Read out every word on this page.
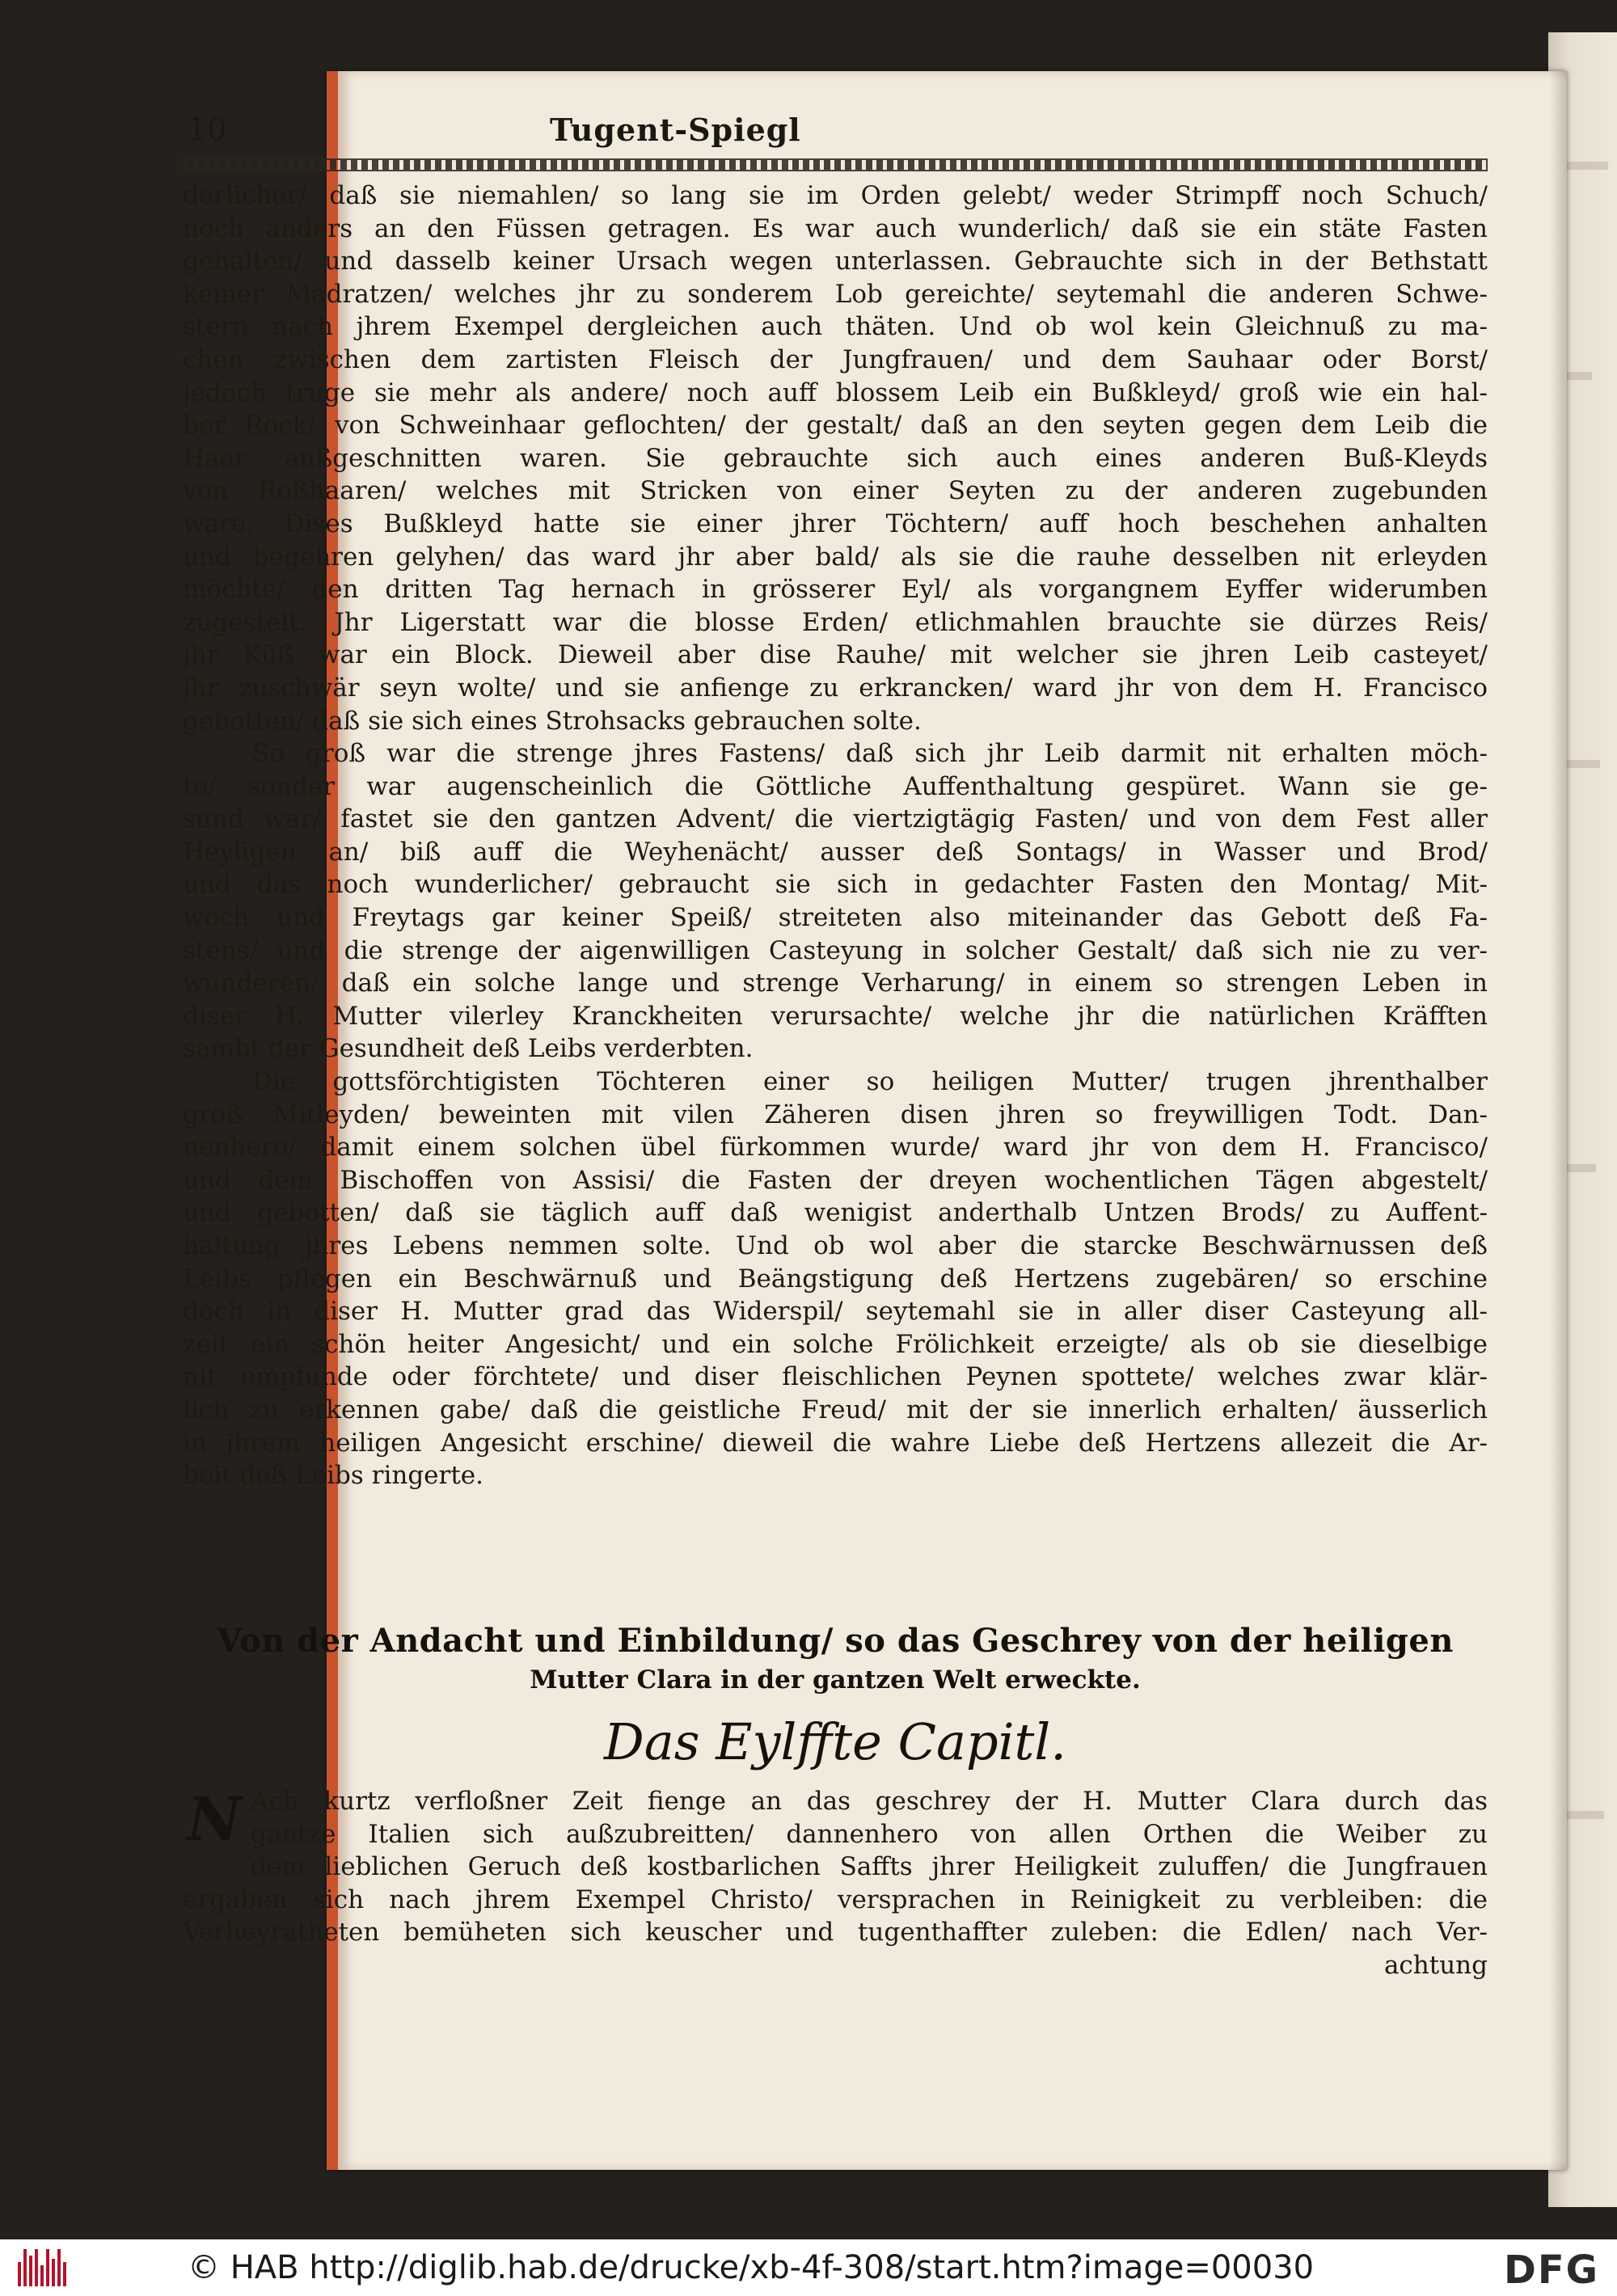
10	Tugent-Spiegl
derlicher/ daß sie niemahlen/ so lang sie im Orden gelebt/ weder Strimpff noch Schuch/
noch anders an den Füssen getragen. Es war auch wunderlich/ daß sie ein stäte Fasten
gehalten/ und dasselb keiner Ursach wegen unterlassen. Gebrauchte sich in der Bethstatt
keiner Madratzen/ welches jhr zu sonderem Lob gereichte/ seytemahl die anderen Schwe-
stern nach jhrem Exempel dergleichen auch thäten. Und ob wol kein Gleichnuß zu ma-
chen zwischen dem zartisten Fleisch der Jungfrauen/ und dem Sauhaar oder Borst/
jedoch truge sie mehr als andere/ noch auff blossem Leib ein Bußkleyd/ groß wie ein hal-
ber Rock/ von Schweinhaar geflochten/ der gestalt/ daß an den seyten gegen dem Leib die
Haar außgeschnitten waren. Sie gebrauchte sich auch eines anderen Buß-Kleyds
von Roßhaaren/ welches mit Stricken von einer Seyten zu der anderen zugebunden
ware. Dises Bußkleyd hatte sie einer jhrer Töchtern/ auff hoch beschehen anhalten
und begehren gelyhen/ das ward jhr aber bald/ als sie die rauhe desselben nit erleyden
möchte/ den dritten Tag hernach in grösserer Eyl/ als vorgangnem Eyffer widerumben
zugestelt. Jhr Ligerstatt war die blosse Erden/ etlichmahlen brauchte sie dürzes Reis/
jhr Küß war ein Block. Dieweil aber dise Rauhe/ mit welcher sie jhren Leib casteyet/
jhr zuschwär seyn wolte/ und sie anfienge zu erkrancken/ ward jhr von dem H. Francisco
gebotten/ daß sie sich eines Strohsacks gebrauchen solte.
So groß war die strenge jhres Fastens/ daß sich jhr Leib darmit nit erhalten möch-
te/ sonder war augenscheinlich die Göttliche Auffenthaltung gespüret. Wann sie ge-
sund war/ fastet sie den gantzen Advent/ die viertzigtägig Fasten/ und von dem Fest aller
Heyligen an/ biß auff die Weyhenächt/ ausser deß Sontags/ in Wasser und Brod/
und das noch wunderlicher/ gebraucht sie sich in gedachter Fasten den Montag/ Mit-
woch und Freytags gar keiner Speiß/ streiteten also miteinander das Gebott deß Fa-
stens/ und die strenge der aigenwilligen Casteyung in solcher Gestalt/ daß sich nie zu ver-
wunderen/ daß ein solche lange und strenge Verharung/ in einem so strengen Leben in
diser H. Mutter vilerley Kranckheiten verursachte/ welche jhr die natürlichen Kräfften
sambt der Gesundheit deß Leibs verderbten.
Die gottsförchtigisten Töchteren einer so heiligen Mutter/ trugen jhrenthalber
groß Mitleyden/ beweinten mit vilen Zäheren disen jhren so freywilligen Todt. Dan-
nenhero/ damit einem solchen übel fürkommen wurde/ ward jhr von dem H. Francisco/
und dem Bischoffen von Assisi/ die Fasten der dreyen wochentlichen Tägen abgestelt/
und gebotten/ daß sie täglich auff daß wenigist anderthalb Untzen Brods/ zu Auffent-
haltung jhres Lebens nemmen solte. Und ob wol aber die starcke Beschwärnussen deß
Leibs pflegen ein Beschwärnuß und Beängstigung deß Hertzens zugebären/ so erschine
doch in diser H. Mutter grad das Widerspil/ seytemahl sie in aller diser Casteyung all-
zeit ein schön heiter Angesicht/ und ein solche Frölichkeit erzeigte/ als ob sie dieselbige
nit empfunde oder förchtete/ und diser fleischlichen Peynen spottete/ welches zwar klär-
lich zu erkennen gabe/ daß die geistliche Freud/ mit der sie innerlich erhalten/ äusserlich
in jhrem heiligen Angesicht erschine/ dieweil die wahre Liebe deß Hertzens allezeit die Ar-
beit deß Leibs ringerte.
Von der Andacht und Einbildung/ so das Geschrey von der heiligen
Mutter Clara in der gantzen Welt erweckte.
Das Eylffte Capitl.
N Ach kurtz verfloßner Zeit fienge an das geschrey der H. Mutter Clara durch das
gantze Italien sich außzubreitten/ dannenhero von allen Orthen die Weiber zu
dem lieblichen Geruch deß kostbarlichen Saffts jhrer Heiligkeit zuluffen/ die Jungfrauen
ergaben sich nach jhrem Exempel Christo/ versprachen in Reinigkeit zu verbleiben: die
Verheyratheten bemüheten sich keuscher und tugenthaffter zuleben: die Edlen/ nach Ver-
achtung
© HAB http://diglib.hab.de/drucke/xb-4f-308/start.htm?image=00030	DFG
